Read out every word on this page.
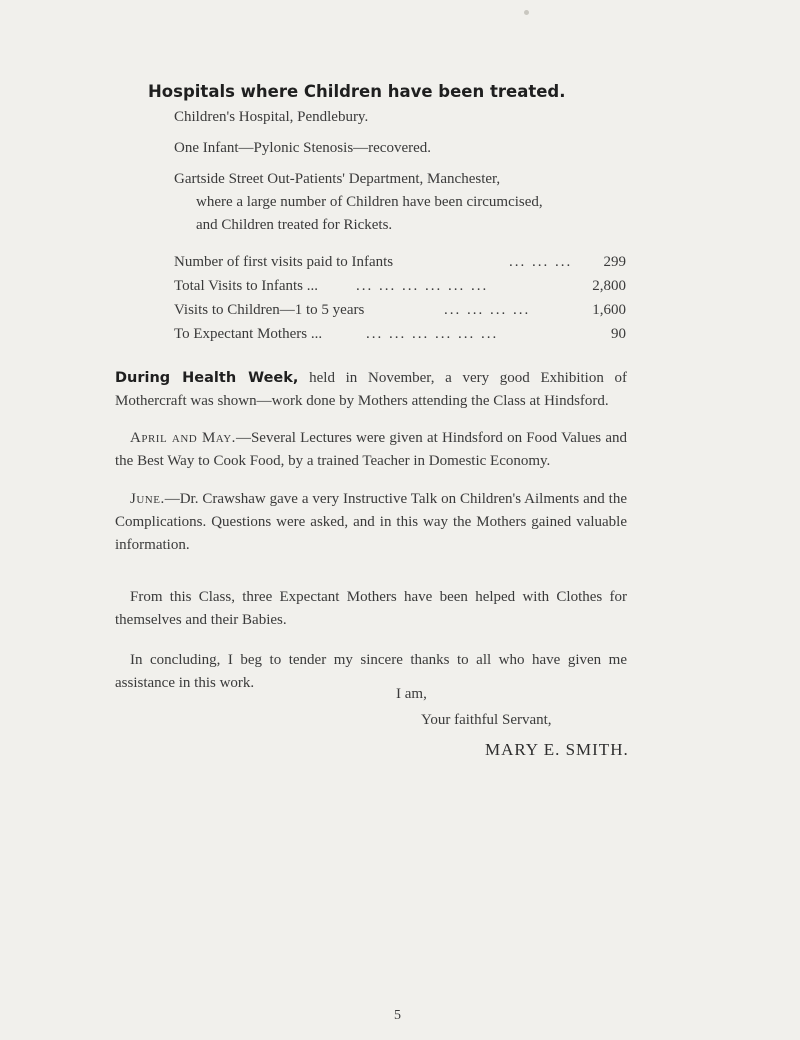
Hospitals where Children have been treated.
Children's Hospital, Pendlebury.
One Infant—Pylonic Stenosis—recovered.
Gartside Street Out-Patients' Department, Manchester,
where a large number of Children have been circumcised,
and Children treated for Rickets.
Number of first visits paid to Infants	... ... ... 299
Total Visits to Infants ...	... ... ... ... ... ...	2,800
Visits to Children—1 to 5 years	... ... ... ...	1,600
To Expectant Mothers ...	... ... ... ... ... ...	90
During Health Week, held in November, a very good Exhibition of Mothercraft was shown—work done by Mothers attending the Class at Hindsford.
 April and May.—Several Lectures were given at Hindsford on Food Values and the Best Way to Cook Food, by a trained Teacher in Domestic Economy.
 June.—Dr. Crawshaw gave a very Instructive Talk on Children's Ailments and the Complications. Questions were asked, and in this way the Mothers gained valuable information.
 From this Class, three Expectant Mothers have been helped with Clothes for themselves and their Babies.
 In concluding, I beg to tender my sincere thanks to all who have given me assistance in this work.
I am,
Your faithful Servant,
MARY E. SMITH.
5
